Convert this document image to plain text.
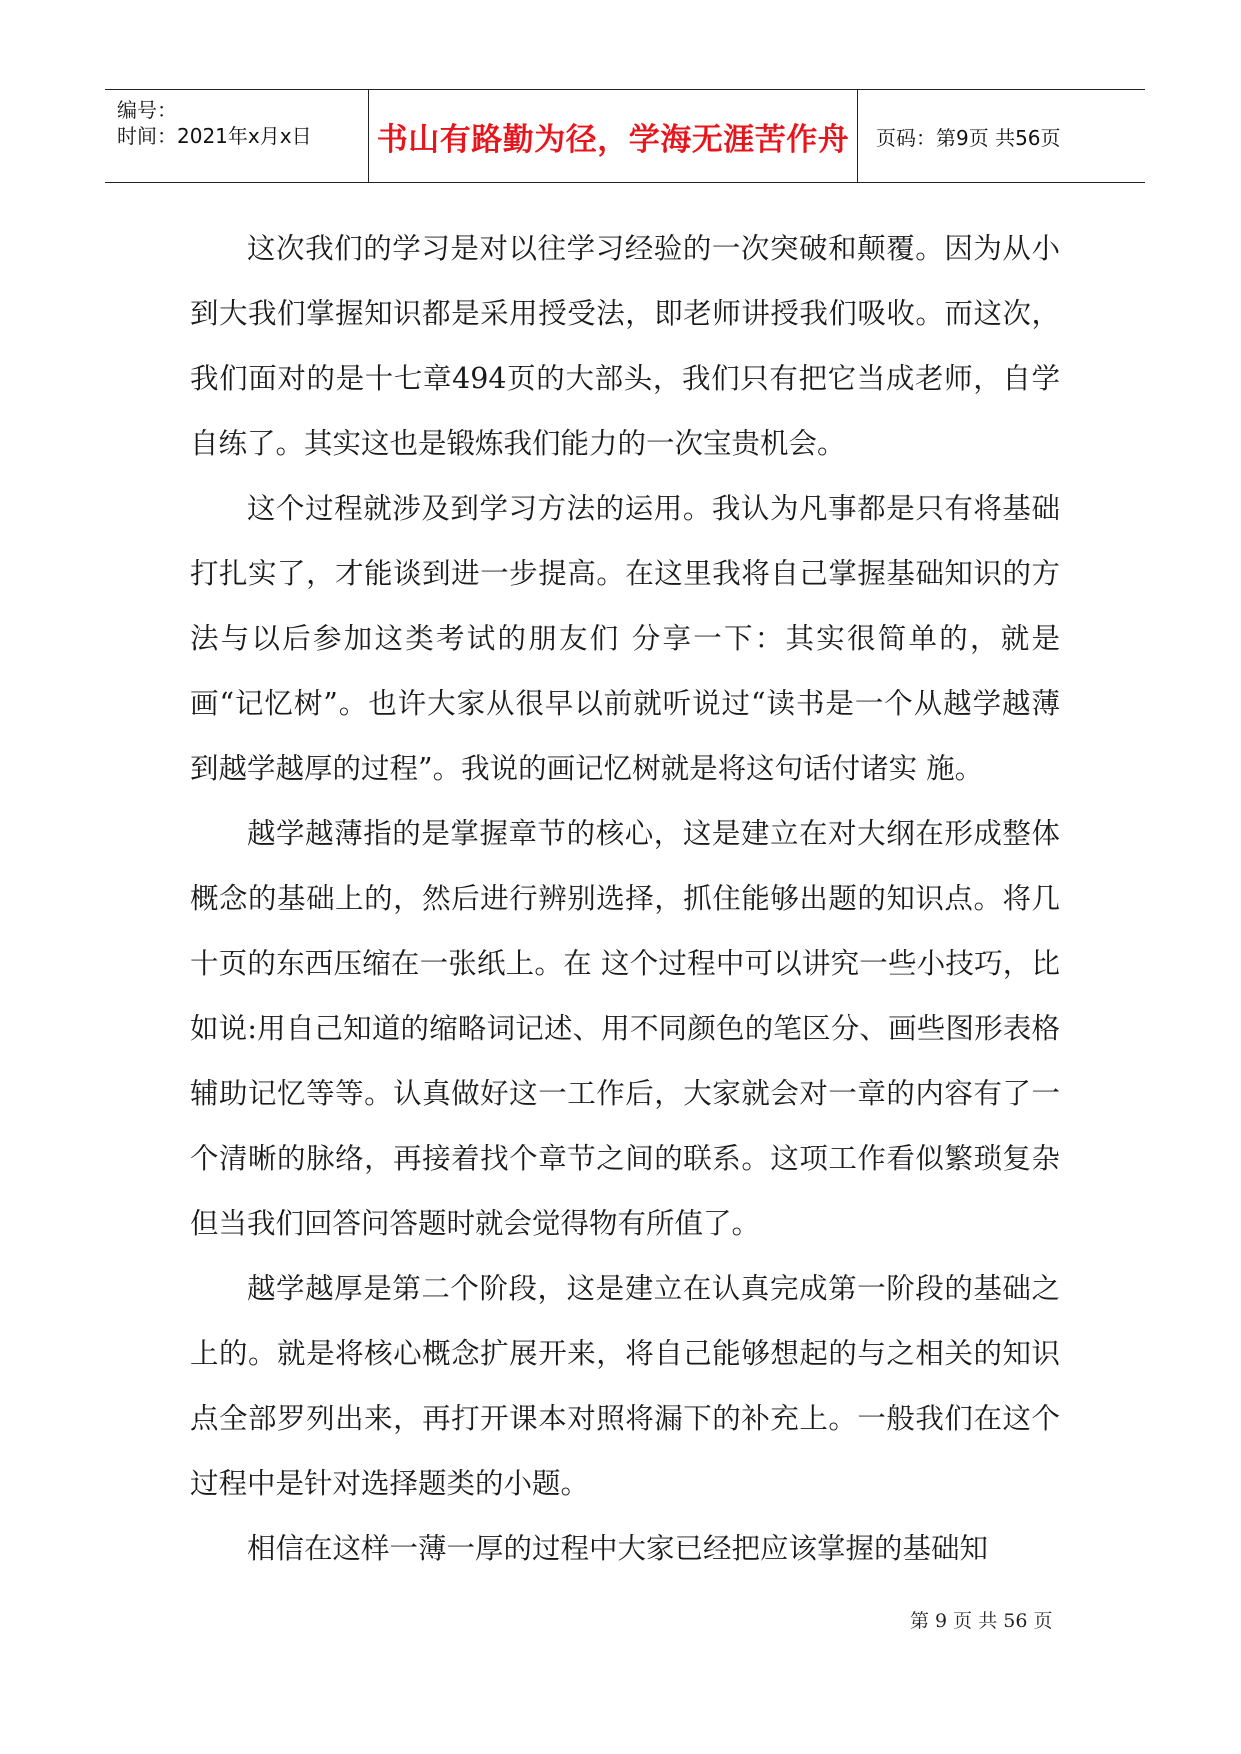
编号：
时间：2021年x月x日 书山有路勤为径，学海无涯苦作舟 页码：第9页 共56页

这次我们的学习是对以往学习经验的一次突破和颠覆。因为从小到大我们掌握知识都是采用授受法，即老师讲授我们吸收。而这次，我们面对的是十七章494页的大部头，我们只有把它当成老师，自学自练了。其实这也是锻炼我们能力的一次宝贵机会。

这个过程就涉及到学习方法的运用。我认为凡事都是只有将基础打扎实了，才能谈到进一步提高。在这里我将自己掌握基础知识的方法与以后参加这类考试的朋友们 分享一下：其实很简单的，就是画“记忆树”。也许大家从很早以前就听说过“读书是一个从越学越薄到越学越厚的过程”。我说的画记忆树就是将这句话付诸实 施。

越学越薄指的是掌握章节的核心，这是建立在对大纲在形成整体概念的基础上的，然后进行辨别选择，抓住能够出题的知识点。将几十页的东西压缩在一张纸上。在 这个过程中可以讲究一些小技巧，比如说:用自己知道的缩略词记述、用不同颜色的笔区分、画些图形表格辅助记忆等等。认真做好这一工作后，大家就会对一章的内容有了一个清晰的脉络，再接着找个章节之间的联系。这项工作看似繁琐复杂但当我们回答问答题时就会觉得物有所值了。

越学越厚是第二个阶段，这是建立在认真完成第一阶段的基础之上的。就是将核心概念扩展开来，将自己能够想起的与之相关的知识点全部罗列出来，再打开课本对照将漏下的补充上。一般我们在这个过程中是针对选择题类的小题。

相信在这样一薄一厚的过程中大家已经把应该掌握的基础知

第 9 页 共 56 页
